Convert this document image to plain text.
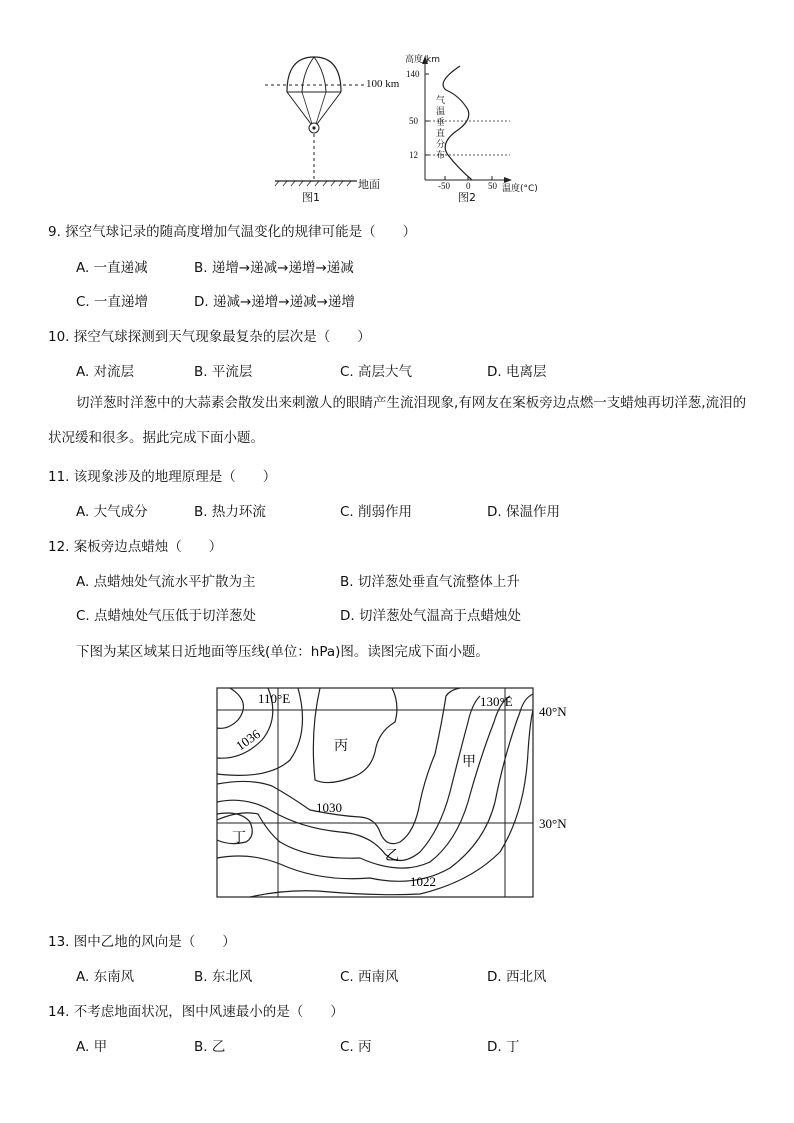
100 km
地面
图1
高度/km
140
50
12
-50 0 50 温度(°C)
气
温
垂
直
分
布
图2
9. 探空气球记录的随高度增加气温变化的规律可能是（　　）
A. 一直递减	B. 递增→递减→递增→递减
C. 一直递增	D. 递减→递增→递减→递增
10. 探空气球探测到天气现象最复杂的层次是（　　）
A. 对流层	B. 平流层	C. 高层大气	D. 电离层
切洋葱时洋葱中的大蒜素会散发出来刺激人的眼睛产生流泪现象,有网友在案板旁边点燃一支蜡烛再切洋葱,流泪的状况缓和很多。据此完成下面小题。
11. 该现象涉及的地理原理是（　　）
A. 大气成分	B. 热力环流	C. 削弱作用	D. 保温作用
12. 案板旁边点蜡烛（　　）
A. 点蜡烛处气流水平扩散为主	B. 切洋葱处垂直气流整体上升
C. 点蜡烛处气压低于切洋葱处	D. 切洋葱处气温高于点蜡烛处
下图为某区域某日近地面等压线(单位：hPa)图。读图完成下面小题。
1036
1030
1022
110°E	130°E
40°N
30°N
丙
甲
丁
乙
13. 图中乙地的风向是（　　）
A. 东南风	B. 东北风	C. 西南风	D. 西北风
14. 不考虑地面状况，图中风速最小的是（　　）
A. 甲	B. 乙	C. 丙	D. 丁
